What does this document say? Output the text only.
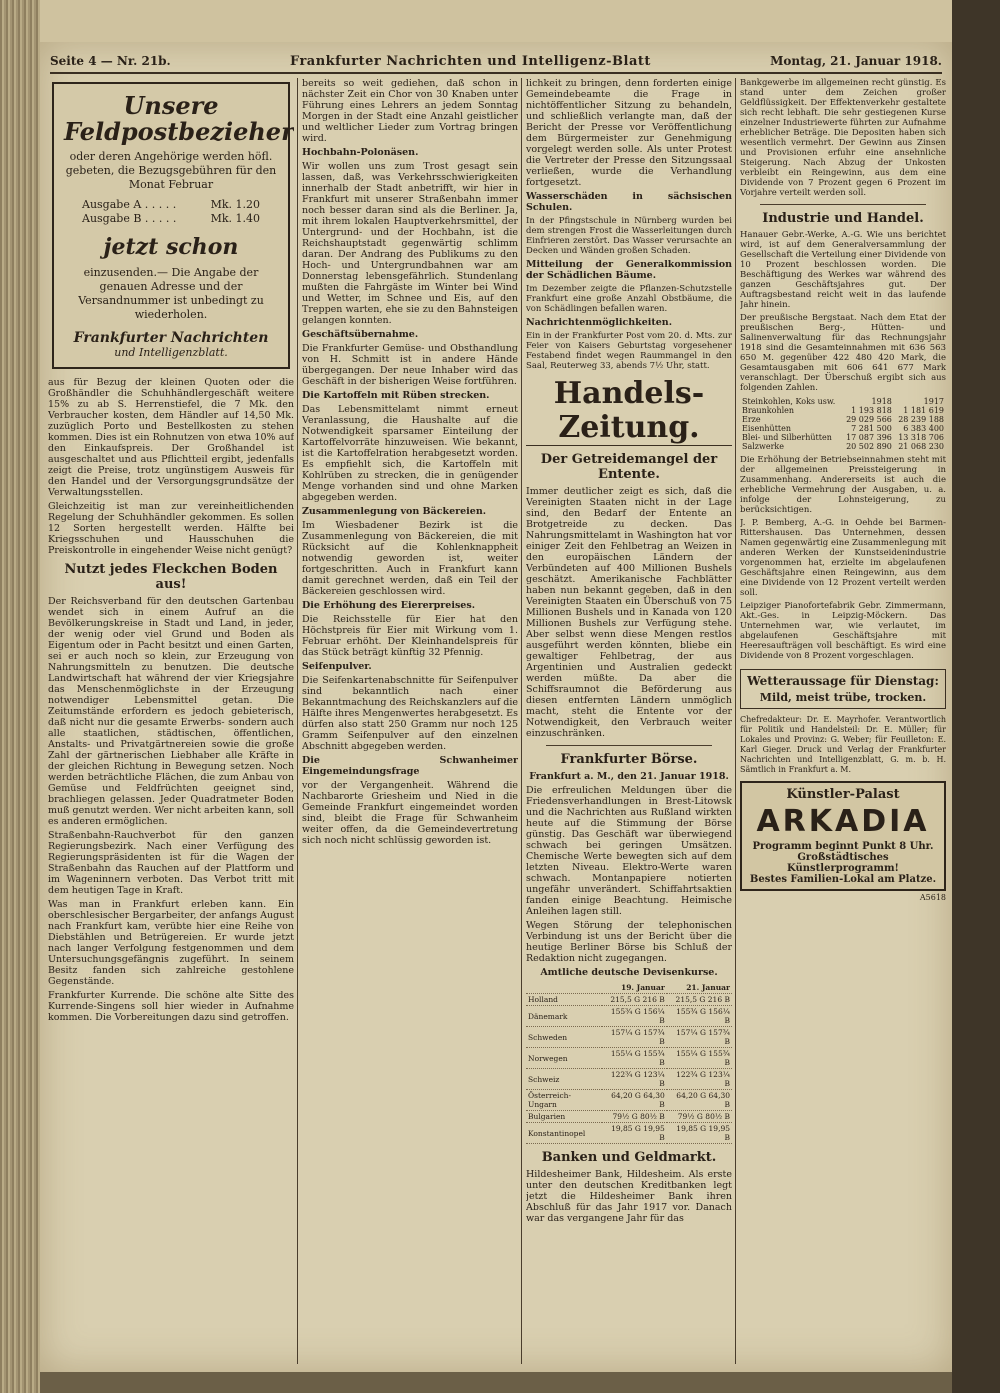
Seite 4 — Nr. 21b.	Frankfurter Nachrichten und Intelligenz-Blatt	Montag, 21. Januar 1918.
Unsere
Feldpostbezieher
oder deren Angehörige werden höfl. gebeten, die Bezugsgebühren für den Monat Februar
Ausgabe A . . . . .	Mk. 1.20
Ausgabe B . . . . .	Mk. 1.40
jetzt schon
einzusenden.— Die Angabe der genauen Adresse und der Versandnummer ist unbedingt zu wiederholen.
Frankfurter Nachrichten
und Intelligenzblatt.

aus für Bezug der kleinen Quoten oder die Großhändler die Schuhhändlergeschäft weitere 15% zu ab S. Herrenstiefel, die 7 Mk. den Verbraucher kosten, dem Händler auf 14,50 Mk. zuzüglich Porto und Bestellkosten zu stehen kommen. Dies ist ein Rohnutzen von etwa 10% auf den Einkaufspreis. Der Großhandel ist ausgeschaltet und aus Pflichtteil ergibt, jedenfalls zeigt die Preise, trotz ungünstigem Ausweis für den Handel und der Versorgungsgrundsätze der Verwaltungsstellen.

Gleichzeitig ist man zur vereinheitlichenden Regelung der Schuhhändler gekommen. Es sollen 12 Sorten hergestellt werden. Hälfte bei Kriegsschuhen und Hausschuhen die Preiskontrolle in eingehender Weise nicht genügt?

Nutzt jedes Fleckchen Boden aus!

Der Reichsverband für den deutschen Gartenbau wendet sich in einem Aufruf an die Bevölkerungskreise in Stadt und Land, in jeder, der wenig oder viel Grund und Boden als Eigentum oder in Pacht besitzt und einen Garten, sei er auch noch so klein, zur Erzeugung von Nahrungsmitteln zu benutzen. Die deutsche Landwirtschaft hat während der vier Kriegsjahre das Menschenmöglichste in der Erzeugung notwendiger Lebensmittel getan. Die Zeitumstände erfordern es jedoch gebieterisch, daß nicht nur die gesamte Erwerbs- sondern auch alle staatlichen, städtischen, öffentlichen, Anstalts- und Privatgärtnereien sowie die große Zahl der gärtnerischen Liebhaber alle Kräfte in der gleichen Richtung in Bewegung setzen. Noch werden beträchtliche Flächen, die zum Anbau von Gemüse und Feldfrüchten geeignet sind, brachliegen gelassen. Jeder Quadratmeter Boden muß genutzt werden. Wer nicht arbeiten kann, soll es anderen ermöglichen.

Straßenbahn-Rauchverbot für den ganzen Regierungsbezirk. Nach einer Verfügung des Regierungspräsidenten ist für die Wagen der Straßenbahn das Rauchen auf der Plattform und im Wageninnern verboten. Das Verbot tritt mit dem heutigen Tage in Kraft.

Was man in Frankfurt erleben kann. Ein oberschlesischer Bergarbeiter, der anfangs August nach Frankfurt kam, verübte hier eine Reihe von Diebstählen und Betrügereien. Er wurde jetzt nach langer Verfolgung festgenommen und dem Untersuchungsgefängnis zugeführt. In seinem Besitz fanden sich zahlreiche gestohlene Gegenstände.

Frankfurter Kurrende. Die schöne alte Sitte des Kurrende-Singens soll hier wieder in Aufnahme kommen. Die Vorbereitungen dazu sind getroffen.

bereits so weit gediehen, daß schon in nächster Zeit ein Chor von 30 Knaben unter Führung eines Lehrers an jedem Sonntag Morgen in der Stadt eine Anzahl geistlicher und weltlicher Lieder zum Vortrag bringen wird.

Hochbahn-Polonäsen.

Wir wollen uns zum Trost gesagt sein lassen, daß, was Verkehrsschwierigkeiten innerhalb der Stadt anbetrifft, wir hier in Frankfurt mit unserer Straßenbahn immer noch besser daran sind als die Berliner. Ja, mit ihrem lokalen Hauptverkehrsmittel, der Untergrund- und der Hochbahn, ist die Reichshauptstadt gegenwärtig schlimm daran. Der Andrang des Publikums zu den Hoch- und Untergrundbahnen war am Donnerstag lebensgefährlich. Stundenlang mußten die Fahrgäste im Winter bei Wind und Wetter, im Schnee und Eis, auf den Treppen warten, ehe sie zu den Bahnsteigen gelangen konnten.

Geschäftsübernahme.

Die Frankfurter Gemüse- und Obsthandlung von H. Schmitt ist in andere Hände übergegangen. Der neue Inhaber wird das Geschäft in der bisherigen Weise fortführen.

Die Kartoffeln mit Rüben strecken.

Das Lebensmittelamt nimmt erneut Veranlassung, die Haushalte auf die Notwendigkeit sparsamer Einteilung der Kartoffelvorräte hinzuweisen. Wie bekannt, ist die Kartoffelration herabgesetzt worden. Es empfiehlt sich, die Kartoffeln mit Kohlrüben zu strecken, die in genügender Menge vorhanden sind und ohne Marken abgegeben werden.

Zusammenlegung von Bäckereien.

Im Wiesbadener Bezirk ist die Zusammenlegung von Bäckereien, die mit Rücksicht auf die Kohlenknappheit notwendig geworden ist, weiter fortgeschritten. Auch in Frankfurt kann damit gerechnet werden, daß ein Teil der Bäckereien geschlossen wird.

Die Erhöhung des Eiererpreises.

Die Reichsstelle für Eier hat den Höchstpreis für Eier mit Wirkung vom 1. Februar erhöht. Der Kleinhandelspreis für das Stück beträgt künftig 32 Pfennig.

Seifenpulver.

Die Seifenkartenabschnitte für Seifenpulver sind bekanntlich nach einer Bekanntmachung des Reichskanzlers auf die Hälfte ihres Mengenwertes herabgesetzt. Es dürfen also statt 250 Gramm nur noch 125 Gramm Seifenpulver auf den einzelnen Abschnitt abgegeben werden.

Die Schwanheimer Eingemeindungsfrage

vor der Vergangenheit. Während die Nachbarorte Griesheim und Nied in die Gemeinde Frankfurt eingemeindet worden sind, bleibt die Frage für Schwanheim weiter offen, da die Gemeindevertretung sich noch nicht schlüssig geworden ist.

lichkeit zu bringen, denn forderten einige Gemeindebeamte die Frage in nichtöffentlicher Sitzung zu behandeln, und schließlich verlangte man, daß der Bericht der Presse vor Veröffentlichung dem Bürgermeister zur Genehmigung vorgelegt werden solle. Als unter Protest die Vertreter der Presse den Sitzungssaal verließen, wurde die Verhandlung fortgesetzt.

Wasserschäden in sächsischen Schulen.

In der Pfingstschule in Nürnberg wurden bei dem strengen Frost die Wasserleitungen durch Einfrieren zerstört. Das Wasser verursachte an Decken und Wänden großen Schaden.

Mitteilung der Generalkommission der Schädlichen Bäume.

Im Dezember zeigte die Pflanzen-Schutzstelle Frankfurt eine große Anzahl Obstbäume, die von Schädlingen befallen waren.

Nachrichtenmöglichkeiten.

Ein in der Frankfurter Post vom 20. d. Mts. zur Feier von Kaisers Geburtstag vorgesehener Festabend findet wegen Raummangel in den Saal, Reuterweg 33, abends 7½ Uhr, statt.

Handels-Zeitung.
Der Getreidemangel der Entente.

Immer deutlicher zeigt es sich, daß die Vereinigten Staaten nicht in der Lage sind, den Bedarf der Entente an Brotgetreide zu decken. Das Nahrungsmittelamt in Washington hat vor einiger Zeit den Fehlbetrag an Weizen in den europäischen Ländern der Verbündeten auf 400 Millionen Bushels geschätzt. Amerikanische Fachblätter haben nun bekannt gegeben, daß in den Vereinigten Staaten ein Überschuß von 75 Millionen Bushels und in Kanada von 120 Millionen Bushels zur Verfügung stehe. Aber selbst wenn diese Mengen restlos ausgeführt werden könnten, bliebe ein gewaltiger Fehlbetrag, der aus Argentinien und Australien gedeckt werden müßte. Da aber die Schiffsraumnot die Beförderung aus diesen entfernten Ländern unmöglich macht, steht die Entente vor der Notwendigkeit, den Verbrauch weiter einzuschränken.

Frankfurter Börse.

Frankfurt a. M., den 21. Januar 1918.

Die erfreulichen Meldungen über die Friedensverhandlungen in Brest-Litowsk und die Nachrichten aus Rußland wirkten heute auf die Stimmung der Börse günstig. Das Geschäft war überwiegend schwach bei geringen Umsätzen. Chemische Werte bewegten sich auf dem letzten Niveau. Elektro-Werte waren schwach. Montanpapiere notierten ungefähr unverändert. Schiffahrtsaktien fanden einige Beachtung. Heimische Anleihen lagen still.

Wegen Störung der telephonischen Verbindung ist uns der Bericht über die heutige Berliner Börse bis Schluß der Redaktion nicht zugegangen.

Amtliche deutsche Devisenkurse.

	19. Januar	21. Januar
Holland	215,5 G 216 B	215,5 G 216 B
Dänemark	155¾ G 156¼ B	155¾ G 156¼ B
Schweden	157¼ G 157¾ B	157¼ G 157¾ B
Norwegen	155¼ G 155¾ B	155¼ G 155¾ B
Schweiz	122¾ G 123¼ B	122¾ G 123¼ B
Österreich-Ungarn	64,20 G 64,30 B	64,20 G 64,30 B
Bulgarien	79½ G 80½ B	79½ G 80½ B
Konstantinopel	19,85 G 19,95 B	19,85 G 19,95 B
Banken und Geldmarkt.

Hildesheimer Bank, Hildesheim. Als erste unter den deutschen Kreditbanken legt jetzt die Hildesheimer Bank ihren Abschluß für das Jahr 1917 vor. Danach war das vergangene Jahr für das

Bankgewerbe im allgemeinen recht günstig. Es stand unter dem Zeichen großer Geldflüssigkeit. Der Effektenverkehr gestaltete sich recht lebhaft. Die sehr gestiegenen Kurse einzelner Industriewerte führten zur Aufnahme erheblicher Beträge. Die Depositen haben sich wesentlich vermehrt. Der Gewinn aus Zinsen und Provisionen erfuhr eine ansehnliche Steigerung. Nach Abzug der Unkosten verbleibt ein Reingewinn, aus dem eine Dividende von 7 Prozent gegen 6 Prozent im Vorjahre verteilt werden soll.

Industrie und Handel.

Hanauer Gebr.-Werke, A.-G. Wie uns berichtet wird, ist auf dem Generalversammlung der Gesellschaft die Verteilung einer Dividende von 10 Prozent beschlossen worden. Die Beschäftigung des Werkes war während des ganzen Geschäftsjahres gut. Der Auftragsbestand reicht weit in das laufende Jahr hinein.

Der preußische Bergstaat. Nach dem Etat der preußischen Berg-, Hütten- und Salinenverwaltung für das Rechnungsjahr 1918 sind die Gesamteinnahmen mit 636 563 650 M. gegenüber 422 480 420 Mark, die Gesamtausgaben mit 606 641 677 Mark veranschlagt. Der Überschuß ergibt sich aus folgenden Zahlen.

Steinkohlen, Koks usw.	1918	1917
Braunkohlen	1 193 818	1 181 619
Erze	29 029 566	28 239 188
Eisenhütten	7 281 500	6 383 400
Blei- und Silberhütten	17 087 396	13 318 706
Salzwerke	20 502 890	21 068 230

Die Erhöhung der Betriebseinnahmen steht mit der allgemeinen Preissteigerung in Zusammenhang. Andererseits ist auch die erhebliche Vermehrung der Ausgaben, u. a. infolge der Lohnsteigerung, zu berücksichtigen.

J. P. Bemberg, A.-G. in Oehde bei Barmen-Rittershausen. Das Unternehmen, dessen Namen gegenwärtig eine Zusammenlegung mit anderen Werken der Kunstseidenindustrie vorgenommen hat, erzielte im abgelaufenen Geschäftsjahre einen Reingewinn, aus dem eine Dividende von 12 Prozent verteilt werden soll.

Leipziger Pianofortefabrik Gebr. Zimmermann, Akt.-Ges. in Leipzig-Möckern. Das Unternehmen war, wie verlautet, im abgelaufenen Geschäftsjahre mit Heeresaufträgen voll beschäftigt. Es wird eine Dividende von 8 Prozent vorgeschlagen.

Wetteraussage für Dienstag:
Mild, meist trübe, trocken.
Chefredakteur: Dr. E. Mayrhofer. Verantwortlich für Politik und Handelsteil: Dr. E. Müller; für Lokales und Provinz: G. Weber; für Feuilleton: E. Karl Gieger. Druck und Verlag der Frankfurter Nachrichten und Intelligenzblatt, G. m. b. H. Sämtlich in Frankfurt a. M.
Künstler-Palast
ARKADIA
Programm beginnt Punkt 8 Uhr.
Großstädtisches Künstlerprogramm!
Bestes Familien-Lokal am Platze.
A5618
